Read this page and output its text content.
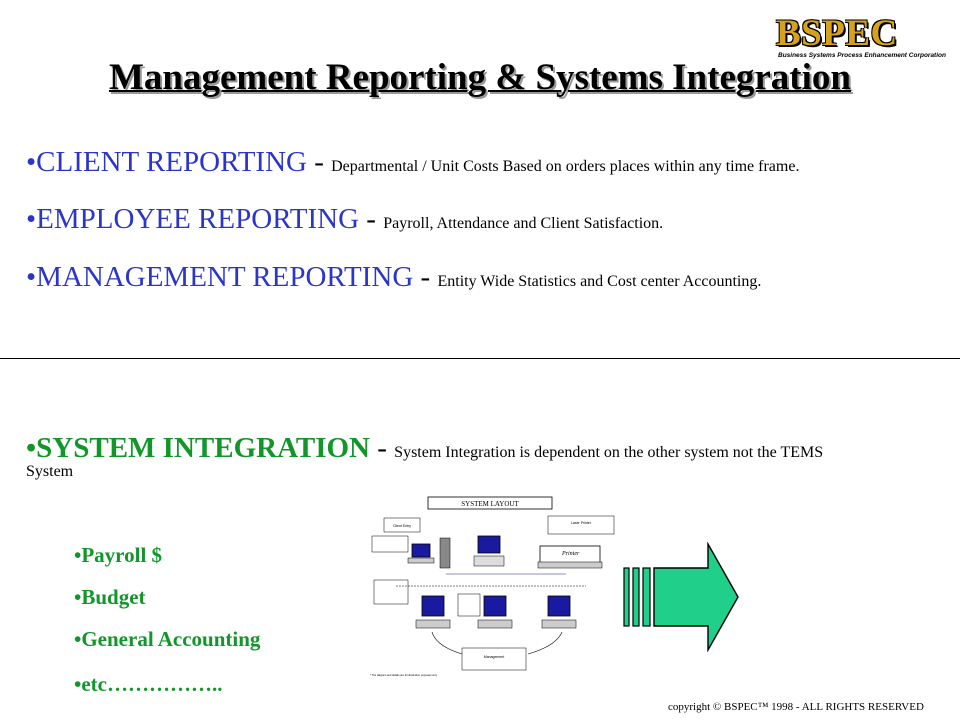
BSPEC
Business Systems Process Enhancement Corporation
Management Reporting & Systems Integration
•CLIENT REPORTING - Departmental / Unit Costs Based on orders places within any time frame.
•EMPLOYEE REPORTING - Payroll, Attendance and Client Satisfaction.
•MANAGEMENT REPORTING - Entity Wide Statistics and Cost center Accounting.
•SYSTEM INTEGRATION - System Integration is dependent on the other system not the TEMS
System
•Payroll $
•Budget
•General Accounting
•etc……………..
SYSTEM LAYOUT
Client Entry
Laser Printer
Printer
Management
* The diagram and details are for illustration purposes only
copyright © BSPEC™ 1998 - ALL RIGHTS RESERVED
